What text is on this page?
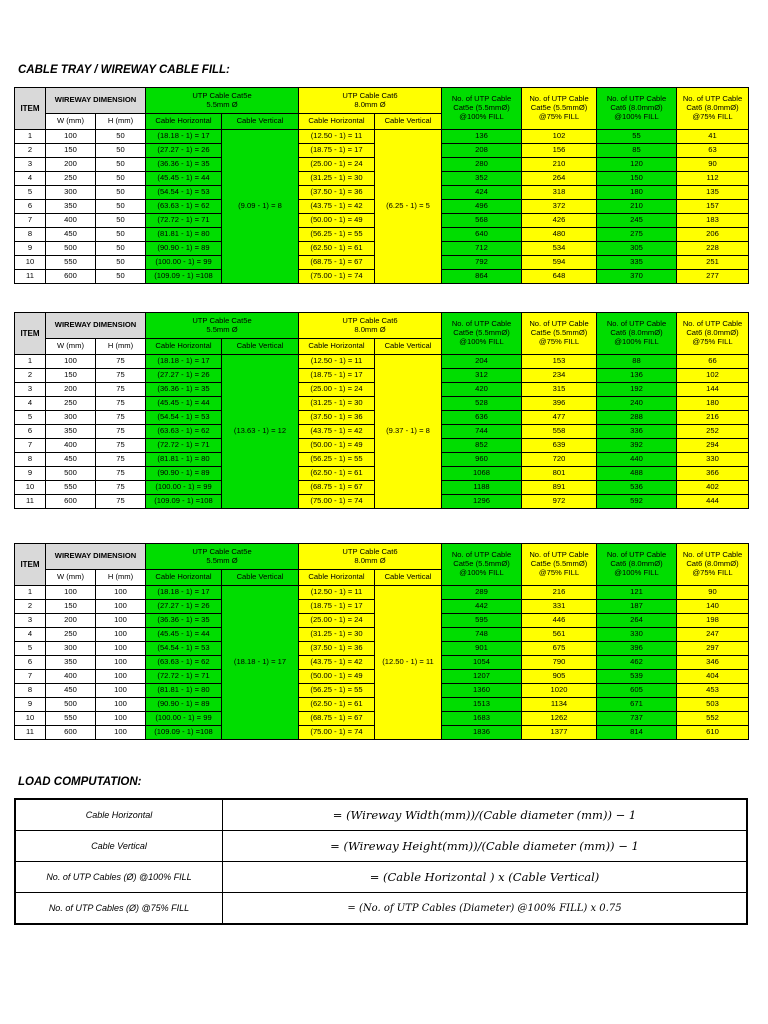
CABLE TRAY / WIREWAY CABLE FILL:
ITEM	WIREWAY DIMENSION		UTP Cable Cat5e
5.5mm Ø		UTP Cable Cat6
8.0mm Ø		No. of UTP Cable
Cat5e (5.5mmØ)
@100% FILL	No. of UTP Cable
Cat5e (5.5mmØ)
@75% FILL	No. of UTP Cable
Cat6 (8.0mmØ)
@100% FILL	No. of UTP Cable
Cat6 (8.0mmØ)
@75% FILL
	W (mm)	H (mm)	Cable Horizontal	Cable Vertical	Cable Horizontal	Cable Vertical				
1	100	50	(18.18 - 1) = 17	(9.09 - 1) = 8	(12.50 - 1) = 11	(6.25 - 1) = 5	136	102	55	41
2	150	50	(27.27 - 1) = 26		(18.75 - 1) = 17		208	156	85	63
3	200	50	(36.36 - 1) = 35		(25.00 - 1) = 24		280	210	120	90
4	250	50	(45.45 - 1) = 44		(31.25 - 1) = 30		352	264	150	112
5	300	50	(54.54 - 1) = 53		(37.50 - 1) = 36		424	318	180	135
6	350	50	(63.63 - 1) = 62		(43.75 - 1) = 42		496	372	210	157
7	400	50	(72.72 - 1) = 71		(50.00 - 1) = 49		568	426	245	183
8	450	50	(81.81 - 1) = 80		(56.25 - 1) = 55		640	480	275	206
9	500	50	(90.90 - 1) = 89		(62.50 - 1) = 61		712	534	305	228
10	550	50	(100.00 - 1) = 99		(68.75 - 1) = 67		792	594	335	251
11	600	50	(109.09 - 1) =108		(75.00 - 1) = 74		864	648	370	277
ITEM	WIREWAY DIMENSION		UTP Cable Cat5e
5.5mm Ø		UTP Cable Cat6
8.0mm Ø		No. of UTP Cable
Cat5e (5.5mmØ)
@100% FILL	No. of UTP Cable
Cat5e (5.5mmØ)
@75% FILL	No. of UTP Cable
Cat6 (8.0mmØ)
@100% FILL	No. of UTP Cable
Cat6 (8.0mmØ)
@75% FILL
	W (mm)	H (mm)	Cable Horizontal	Cable Vertical	Cable Horizontal	Cable Vertical				
1	100	75	(18.18 - 1) = 17	(13.63 - 1) = 12	(12.50 - 1) = 11	(9.37 - 1) = 8	204	153	88	66
2	150	75	(27.27 - 1) = 26		(18.75 - 1) = 17		312	234	136	102
3	200	75	(36.36 - 1) = 35		(25.00 - 1) = 24		420	315	192	144
4	250	75	(45.45 - 1) = 44		(31.25 - 1) = 30		528	396	240	180
5	300	75	(54.54 - 1) = 53		(37.50 - 1) = 36		636	477	288	216
6	350	75	(63.63 - 1) = 62		(43.75 - 1) = 42		744	558	336	252
7	400	75	(72.72 - 1) = 71		(50.00 - 1) = 49		852	639	392	294
8	450	75	(81.81 - 1) = 80		(56.25 - 1) = 55		960	720	440	330
9	500	75	(90.90 - 1) = 89		(62.50 - 1) = 61		1068	801	488	366
10	550	75	(100.00 - 1) = 99		(68.75 - 1) = 67		1188	891	536	402
11	600	75	(109.09 - 1) =108		(75.00 - 1) = 74		1296	972	592	444
ITEM	WIREWAY DIMENSION		UTP Cable Cat5e
5.5mm Ø		UTP Cable Cat6
8.0mm Ø		No. of UTP Cable
Cat5e (5.5mmØ)
@100% FILL	No. of UTP Cable
Cat5e (5.5mmØ)
@75% FILL	No. of UTP Cable
Cat6 (8.0mmØ)
@100% FILL	No. of UTP Cable
Cat6 (8.0mmØ)
@75% FILL
	W (mm)	H (mm)	Cable Horizontal	Cable Vertical	Cable Horizontal	Cable Vertical				
1	100	100	(18.18 - 1) = 17	(18.18 - 1) = 17	(12.50 - 1) = 11	(12.50 - 1) = 11	289	216	121	90
2	150	100	(27.27 - 1) = 26		(18.75 - 1) = 17		442	331	187	140
3	200	100	(36.36 - 1) = 35		(25.00 - 1) = 24		595	446	264	198
4	250	100	(45.45 - 1) = 44		(31.25 - 1) = 30		748	561	330	247
5	300	100	(54.54 - 1) = 53		(37.50 - 1) = 36		901	675	396	297
6	350	100	(63.63 - 1) = 62		(43.75 - 1) = 42		1054	790	462	346
7	400	100	(72.72 - 1) = 71		(50.00 - 1) = 49		1207	905	539	404
8	450	100	(81.81 - 1) = 80		(56.25 - 1) = 55		1360	1020	605	453
9	500	100	(90.90 - 1) = 89		(62.50 - 1) = 61		1513	1134	671	503
10	550	100	(100.00 - 1) = 99		(68.75 - 1) = 67		1683	1262	737	552
11	600	100	(109.09 - 1) =108		(75.00 - 1) = 74		1836	1377	814	610
LOAD COMPUTATION:
Cable Horizontal	= (Wireway Width(mm))/(Cable diameter (mm)) − 1
Cable Vertical	= (Wireway Height(mm))/(Cable diameter (mm)) − 1
No. of UTP Cables (Ø) @100% FILL	= (Cable Horizontal ) x (Cable Vertical)
No. of UTP Cables (Ø) @75% FILL	= (No. of UTP Cables (Diameter) @100% FILL) x 0.75
